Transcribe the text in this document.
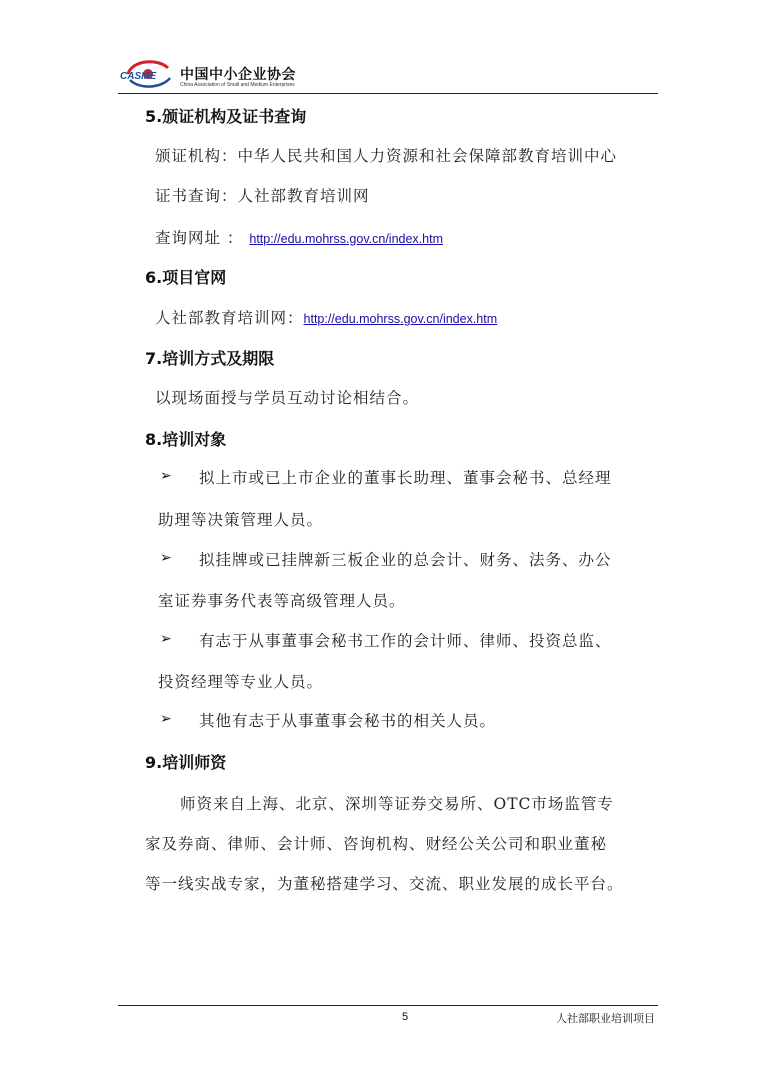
CASME 中国中小企业协会
China Association of Small and Medium Enterprises
5.颁证机构及证书查询
颁证机构：中华人民共和国人力资源和社会保障部教育培训中心
证书查询：人社部教育培训网
查询网址 ： http://edu.mohrss.gov.cn/index.htm
6.项目官网
人社部教育培训网：http://edu.mohrss.gov.cn/index.htm
7.培训方式及期限
以现场面授与学员互动讨论相结合。
8.培训对象
➢ 拟上市或已上市企业的董事长助理、董事会秘书、总经理
助理等决策管理人员。
➢ 拟挂牌或已挂牌新三板企业的总会计、财务、法务、办公
室证券事务代表等高级管理人员。
➢ 有志于从事董事会秘书工作的会计师、律师、投资总监、
投资经理等专业人员。
➢ 其他有志于从事董事会秘书的相关人员。
9.培训师资
师资来自上海、北京、深圳等证券交易所、OTC市场监管专
家及券商、律师、会计师、咨询机构、财经公关公司和职业董秘
等一线实战专家，为董秘搭建学习、交流、职业发展的成长平台。
5	人社部职业培训项目
